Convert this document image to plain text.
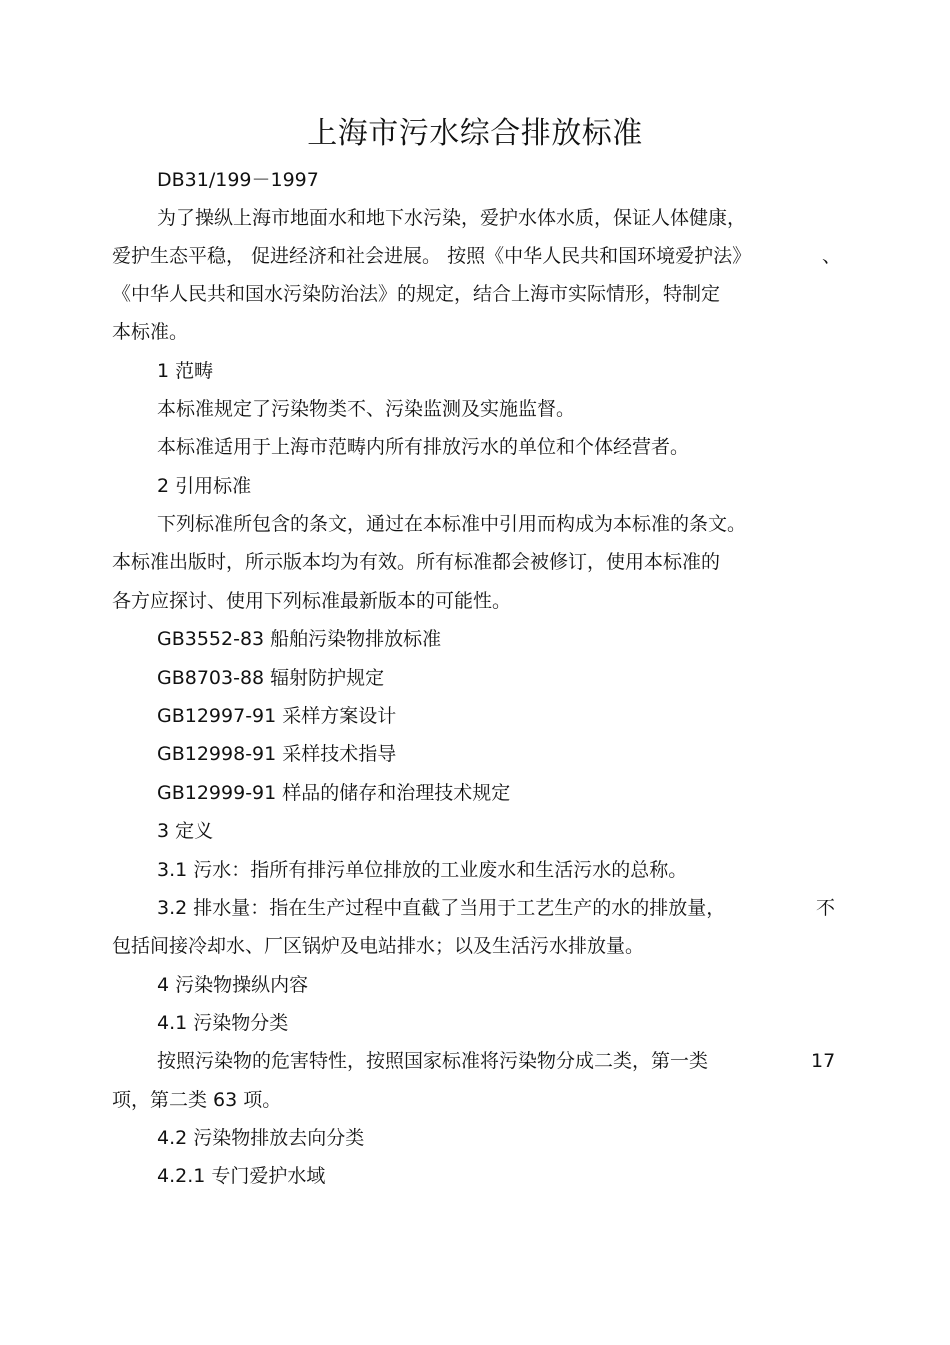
上海市污水综合排放标准
DB31/199－1997
为了操纵上海市地面水和地下水污染，爱护水体水质，保证人体健康，
爱护生态平稳， 促进经济和社会进展。 按照《中华人民共和国环境爱护法》	、
《中华人民共和国水污染防治法》的规定，结合上海市实际情形，特制定
本标准。
1 范畴
本标准规定了污染物类不、污染监测及实施监督。
本标准适用于上海市范畴内所有排放污水的单位和个体经营者。
2 引用标准
下列标准所包含的条文，通过在本标准中引用而构成为本标准的条文。
本标准出版时，所示版本均为有效。所有标准都会被修订，使用本标准的
各方应探讨、使用下列标准最新版本的可能性。
GB3552-83 船舶污染物排放标准
GB8703-88 辐射防护规定
GB12997-91 采样方案设计
GB12998-91 采样技术指导
GB12999-91 样品的储存和治理技术规定
3 定义
3.1 污水：指所有排污单位排放的工业废水和生活污水的总称。
3.2 排水量：指在生产过程中直截了当用于工艺生产的水的排放量，	不
包括间接冷却水、厂区锅炉及电站排水；以及生活污水排放量。
4 污染物操纵内容
4.1 污染物分类
按照污染物的危害特性，按照国家标准将污染物分成二类，第一类	17
项，第二类 63 项。
4.2 污染物排放去向分类
4.2.1 专门爱护水域
